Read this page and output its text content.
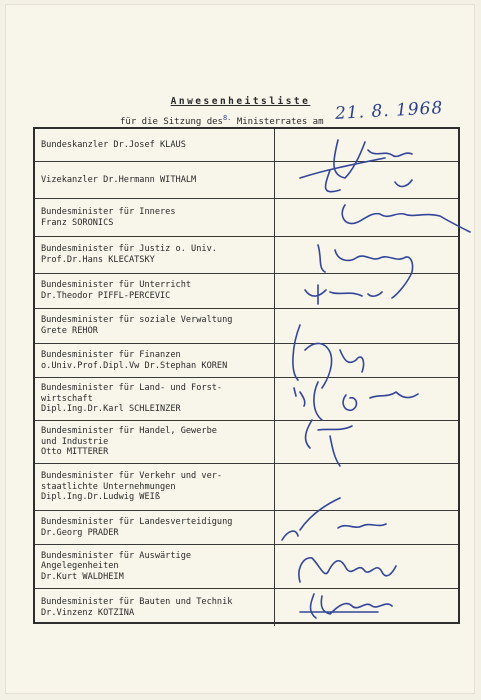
Anwesenheitsliste
für die Sitzung des$^{8.}$ Ministerrates am 21. 8. 1968
Bundeskanzler Dr.Josef KLAUS
Vizekanzler Dr.Hermann WITHALM
Bundesminister für Inneres
Franz SORONICS
Bundesminister für Justiz o. Univ.
Prof.Dr.Hans KLECATSKY
Bundesminister für Unterricht
Dr.Theodor PIFFL-PERCEVIC
Bundesminister für soziale Verwaltung
Grete REHOR
Bundesminister für Finanzen
o.Univ.Prof.Dipl.Vw Dr.Stephan KOREN
Bundesminister für Land- und Forst-
wirtschaft
Dipl.Ing.Dr.Karl SCHLEINZER
Bundesminister für Handel, Gewerbe
und Industrie
Otto MITTERER
Bundesminister für Verkehr und ver-
staatlichte Unternehmungen
Dipl.Ing.Dr.Ludwig WEIß
Bundesminister für Landesverteidigung
Dr.Georg PRADER
Bundesminister für Auswärtige
Angelegenheiten
Dr.Kurt WALDHEIM
Bundesminister für Bauten und Technik
Dr.Vinzenz KOTZINA
